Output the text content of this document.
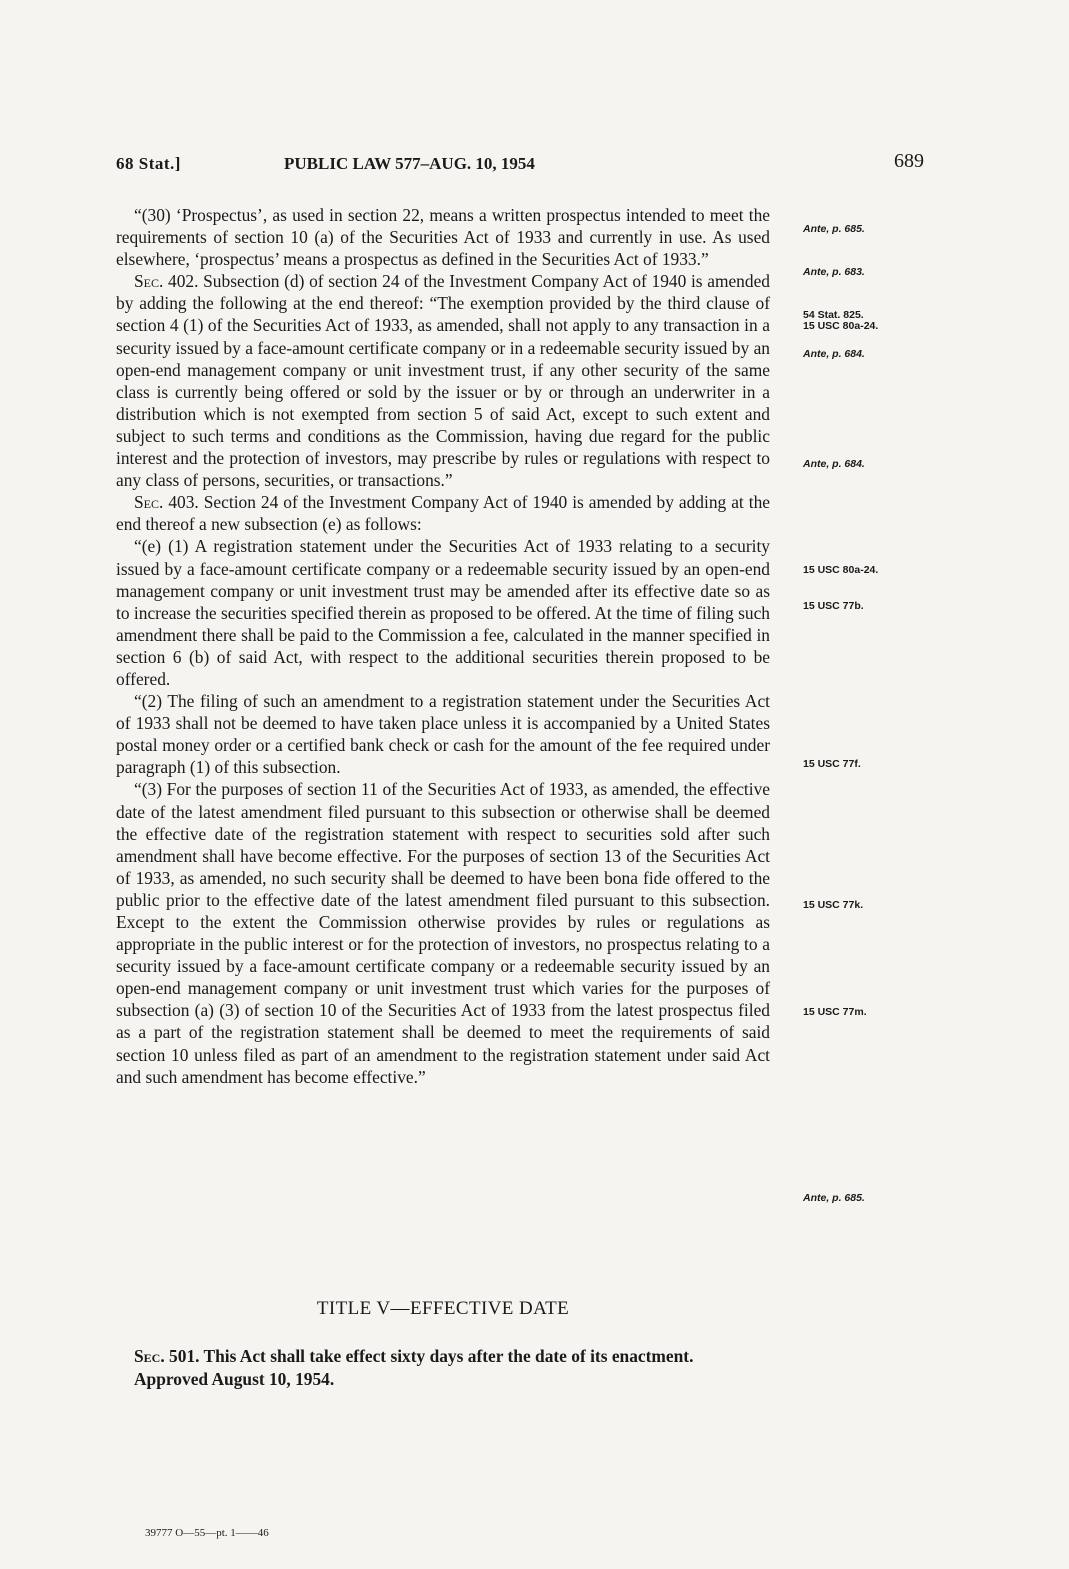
68 Stat.]	PUBLIC LAW 577–AUG. 10, 1954	689

“(30) ‘Prospectus’, as used in section 22, means a written prospectus intended to meet the requirements of section 10 (a) of the Securities Act of 1933 and currently in use. As used elsewhere, ‘prospectus’ means a prospectus as defined in the Securities Act of 1933.”

Sec. 402. Subsection (d) of section 24 of the Investment Company Act of 1940 is amended by adding the following at the end thereof: “The exemption provided by the third clause of section 4 (1) of the Securities Act of 1933, as amended, shall not apply to any transaction in a security issued by a face-amount certificate company or in a redeemable security issued by an open-end management company or unit investment trust, if any other security of the same class is currently being offered or sold by the issuer or by or through an underwriter in a distribution which is not exempted from section 5 of said Act, except to such extent and subject to such terms and conditions as the Commission, having due regard for the public interest and the protection of investors, may prescribe by rules or regulations with respect to any class of persons, securities, or transactions.”

Sec. 403. Section 24 of the Investment Company Act of 1940 is amended by adding at the end thereof a new subsection (e) as follows:

“(e) (1) A registration statement under the Securities Act of 1933 relating to a security issued by a face-amount certificate company or a redeemable security issued by an open-end management company or unit investment trust may be amended after its effective date so as to increase the securities specified therein as proposed to be offered. At the time of filing such amendment there shall be paid to the Commission a fee, calculated in the manner specified in section 6 (b) of said Act, with respect to the additional securities therein proposed to be offered.

“(2) The filing of such an amendment to a registration statement under the Securities Act of 1933 shall not be deemed to have taken place unless it is accompanied by a United States postal money order or a certified bank check or cash for the amount of the fee required under paragraph (1) of this subsection.

“(3) For the purposes of section 11 of the Securities Act of 1933, as amended, the effective date of the latest amendment filed pursuant to this subsection or otherwise shall be deemed the effective date of the registration statement with respect to securities sold after such amendment shall have become effective. For the purposes of section 13 of the Securities Act of 1933, as amended, no such security shall be deemed to have been bona fide offered to the public prior to the effective date of the latest amendment filed pursuant to this subsection. Except to the extent the Commission otherwise provides by rules or regulations as appropriate in the public interest or for the protection of investors, no prospectus relating to a security issued by a face-amount certificate company or a redeemable security issued by an open-end management company or unit investment trust which varies for the purposes of subsection (a) (3) of section 10 of the Securities Act of 1933 from the latest prospectus filed as a part of the registration statement shall be deemed to meet the requirements of said section 10 unless filed as part of an amendment to the registration statement under said Act and such amendment has become effective.”

TITLE V—EFFECTIVE DATE

Sec. 501. This Act shall take effect sixty days after the date of its enactment.

Approved August 10, 1954.

Ante, p. 685.
Ante, p. 683.
54 Stat. 825.
15 USC 80a-24.
Ante, p. 684.
Ante, p. 684.
15 USC 80a-24.
15 USC 77b.
15 USC 77f.
15 USC 77k.
15 USC 77m.
Ante, p. 685.
39777 O—55—pt. 1——46
